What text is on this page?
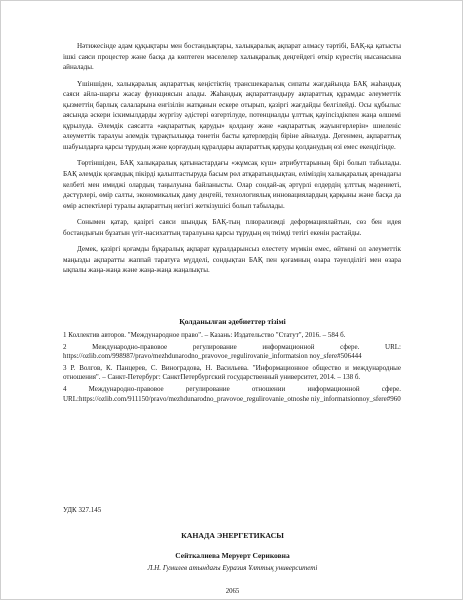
Нәтижесінде адам құқықтары мен бостандықтары, халықаралық ақпарат алмасу тәртібі, БАҚ-қа қатысты ішкі саяси процестер және басқа да көптеген мәселелер халықаралық деңгейдегі өткір күрестің нысанасына айналады.

Үшіншіден, халықаралық ақпараттық кеңістіктің трансшекаралық сипаты жағдайында БАҚ жаһандық саяси айла-шарғы жасау функциясын алады. Жаһандық ақпараттандыру ақпараттық құрамдас әлеуметтік қызметтің барлық салаларына енгізілін жатқанын ескере отырып, қазіргі жағдайды белгілейді. Осы құбылыс аясында әскери іскимылдарды жүргізу әдістері өзгертілуде, потенциалды ұлттық қауіпсіздікпен жаңа өлшемі құрылуда. Әлемдік саясатта «ақпараттық қаруды» қолдану және «ақпараттық жауынгерлерін» шиеленіс әлеуметтік таралуы әлемдік тұрақтылыққа төнетін басты қатерлердің біріне айналуда. Дегенмен, ақпараттық шабуылдарға қарсы тұрудың және қорғаудың құралдары ақпараттық қаруды қолданудың өзі емес екендігінде.

Төртіншіден, БАҚ халықаралық қатынастардағы «жұмсақ күш» атрибуттарының бірі болып табылады. БАҚ әлемдік қоғамдық пікірді қалыптастыруда басым рөл атқаратындықтан, елімiздің халықаралық аренадағы келбеті мен имиджі олардың таңылуына байланысты. Олар сондай-ақ әртүрлі елдердің ұлттық мәдениеті, дәстүрлері, өмір салты, экономикалық даму деңгейі, технологиялық инновациялардың қарқыны және басқа да өмір аспектілері туралы ақпараттың негізгі жеткізушісі болып табылады.

Сонымен қатар, қазіргі саяси шындық БАҚ-тың плюрализмді деформациялайтын, сөз бен идея бостандығын бұзатын үгіт-насихаттың таралуына қарсы тұрудың ең тиімді тетігі екенін растайды.

Демек, қазіргі қоғамды бұқаралық ақпарат құралдарынсыз елестету мүмкін емес, өйткені ол әлеуметтік маңызды ақпаратты жаппай таратуға мүдделі, сондықтан БАҚ пен қоғамның өзара тәуелділігі мен өзара ықпалы жаңа-жаңа және жаңа-жаңа жаңалықты.

Қолданылған әдебиеттер тізімі

1 Коллектив авторов. "Международное право". – Казань: Издательство "Статут", 2016. – 584 б.

2 Международно-правовое регулирование информационной сфере. URL: https://ozlib.com/998987/pravo/mezhdunarodno_pravovoe_regulirovanie_informatsion noy_sfere#506444

3 Р. Волгов, К. Панцерев, С. Виноградова, Н. Васильева. "Информационное общество и международные отношения". – Санкт-Петербург: СанктПетербургский государственный университет, 2014. – 138 б.

4 Международно-правовое регулирование отношении информационной сфере. URL:https://ozlib.com/911150/pravo/mezhdunarodno_pravovoe_regulirovanie_otnoshe niy_informatsionnoy_sfere#960

УДК 327.145
КАНАДА ЭНЕРГЕТИКАСЫ
Сейткалиева Меруерт Сериковна
Л.Н. Гумилев атындағы Еуразия Ұлттық университеті
2065
